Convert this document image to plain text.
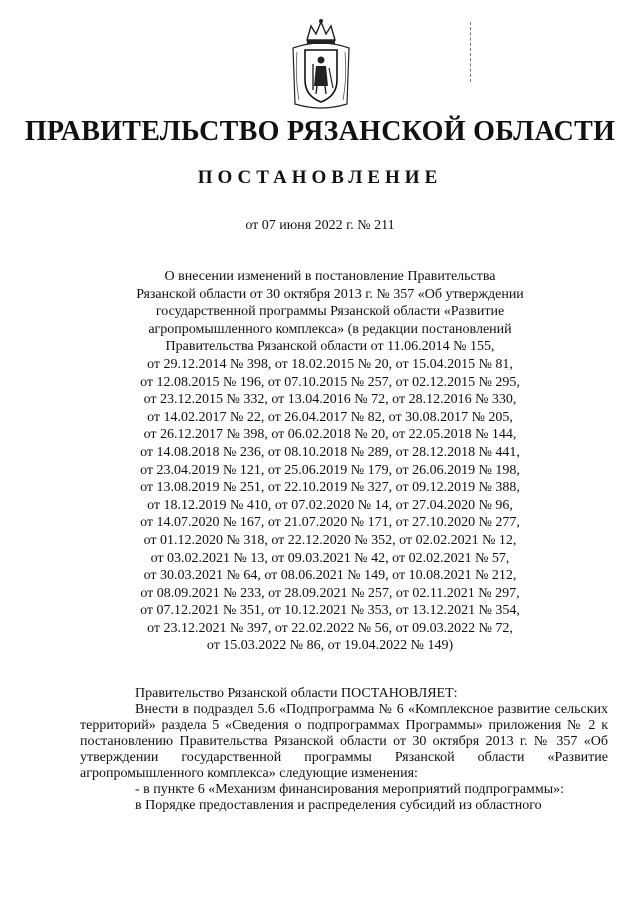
ПРАВИТЕЛЬСТВО РЯЗАНСКОЙ ОБЛАСТИ
ПОСТАНОВЛЕНИЕ
от 07 июня 2022 г. № 211
О внесении изменений в постановление Правительства
Рязанской области от 30 октября 2013 г. № 357 «Об утверждении
государственной программы Рязанской области «Развитие
агропромышленного комплекса» (в редакции постановлений
Правительства Рязанской области от 11.06.2014 № 155,
от 29.12.2014 № 398, от 18.02.2015 № 20, от 15.04.2015 № 81,
от 12.08.2015 № 196, от 07.10.2015 № 257, от 02.12.2015 № 295,
от 23.12.2015 № 332, от 13.04.2016 № 72, от 28.12.2016 № 330,
от 14.02.2017 № 22, от 26.04.2017 № 82, от 30.08.2017 № 205,
от 26.12.2017 № 398, от 06.02.2018 № 20, от 22.05.2018 № 144,
от 14.08.2018 № 236, от 08.10.2018 № 289, от 28.12.2018 № 441,
от 23.04.2019 № 121, от 25.06.2019 № 179, от 26.06.2019 № 198,
от 13.08.2019 № 251, от 22.10.2019 № 327, от 09.12.2019 № 388,
от 18.12.2019 № 410, от 07.02.2020 № 14, от 27.04.2020 № 96,
от 14.07.2020 № 167, от 21.07.2020 № 171, от 27.10.2020 № 277,
от 01.12.2020 № 318, от 22.12.2020 № 352, от 02.02.2021 № 12,
от 03.02.2021 № 13, от 09.03.2021 № 42, от 02.02.2021 № 57,
от 30.03.2021 № 64, от 08.06.2021 № 149, от 10.08.2021 № 212,
от 08.09.2021 № 233, от 28.09.2021 № 257, от 02.11.2021 № 297,
от 07.12.2021 № 351, от 10.12.2021 № 353, от 13.12.2021 № 354,
от 23.12.2021 № 397, от 22.02.2022 № 56, от 09.03.2022 № 72,
от 15.03.2022 № 86, от 19.04.2022 № 149)

Правительство Рязанской области ПОСТАНОВЛЯЕТ:

Внести в подраздел 5.6 «Подпрограмма № 6 «Комплексное развитие сельских территорий» раздела 5 «Сведения о подпрограммах Программы» приложения № 2 к постановлению Правительства Рязанской области от 30 октября 2013 г. № 357 «Об утверждении государственной программы Рязанской области «Развитие агропромышленного комплекса» следующие изменения:

- в пункте 6 «Механизм финансирования мероприятий подпрограммы»:

в Порядке предоставления и распределения субсидий из областного
